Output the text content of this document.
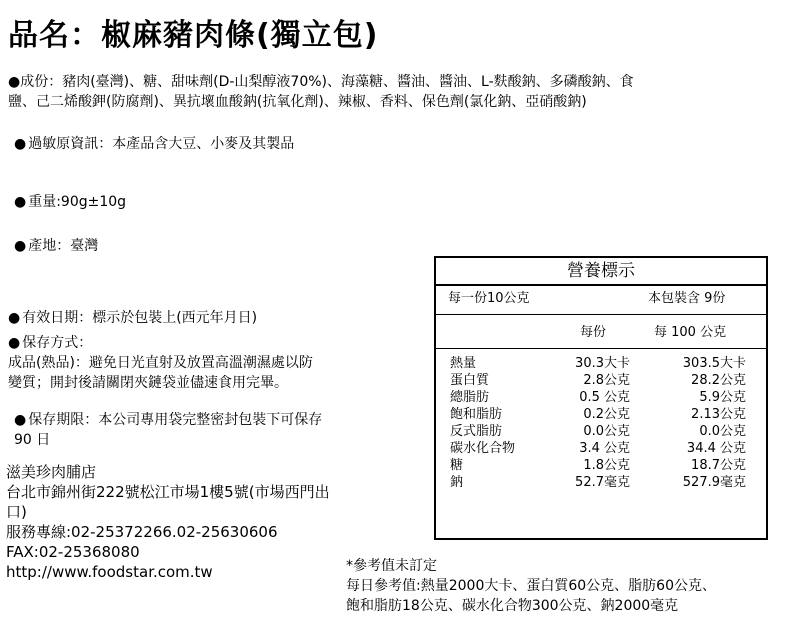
品名：椒麻豬肉條(獨立包)
●成份：豬肉(臺灣)、糖、甜味劑(D-山梨醇液70%)、海藻糖、醬油、醬油、L-麩酸鈉、多磷酸鈉、食
鹽、己二烯酸鉀(防腐劑)、異抗壞血酸鈉(抗氧化劑)、辣椒、香料、保色劑(氯化鈉、亞硝酸鈉)
● 過敏原資訊：本產品含大豆、小麥及其製品
● 重量:90g±10g
● 產地：臺灣
● 有效日期：標示於包裝上(西元年月日)
● 保存方式：
成品(熟品)：避免日光直射及放置高溫潮濕處以防
變質；開封後請關閉夾鏈袋並儘速食用完畢。
● 保存期限：本公司專用袋完整密封包裝下可保存
90 日
滋美珍肉脯店
台北市錦州街222號松江市場1樓5號(市場西門出
口)
服務專線:02-25372266.02-25630606
FAX:02-25368080
http://www.foodstar.com.tw
營養標示
每一份10公克	本包裝含 9份
每份	每 100 公克
熱量	30.3大卡	303.5大卡
蛋白質	2.8公克	28.2公克
總脂肪	0.5 公克	5.9公克
飽和脂肪	0.2公克	2.13公克
反式脂肪	0.0公克	0.0公克
碳水化合物	3.4 公克	34.4 公克
糖	1.8公克	18.7公克
鈉	52.7毫克	527.9毫克
*參考值未訂定
每日參考值:熱量2000大卡、蛋白質60公克、脂肪60公克、
飽和脂肪18公克、碳水化合物300公克、鈉2000毫克
